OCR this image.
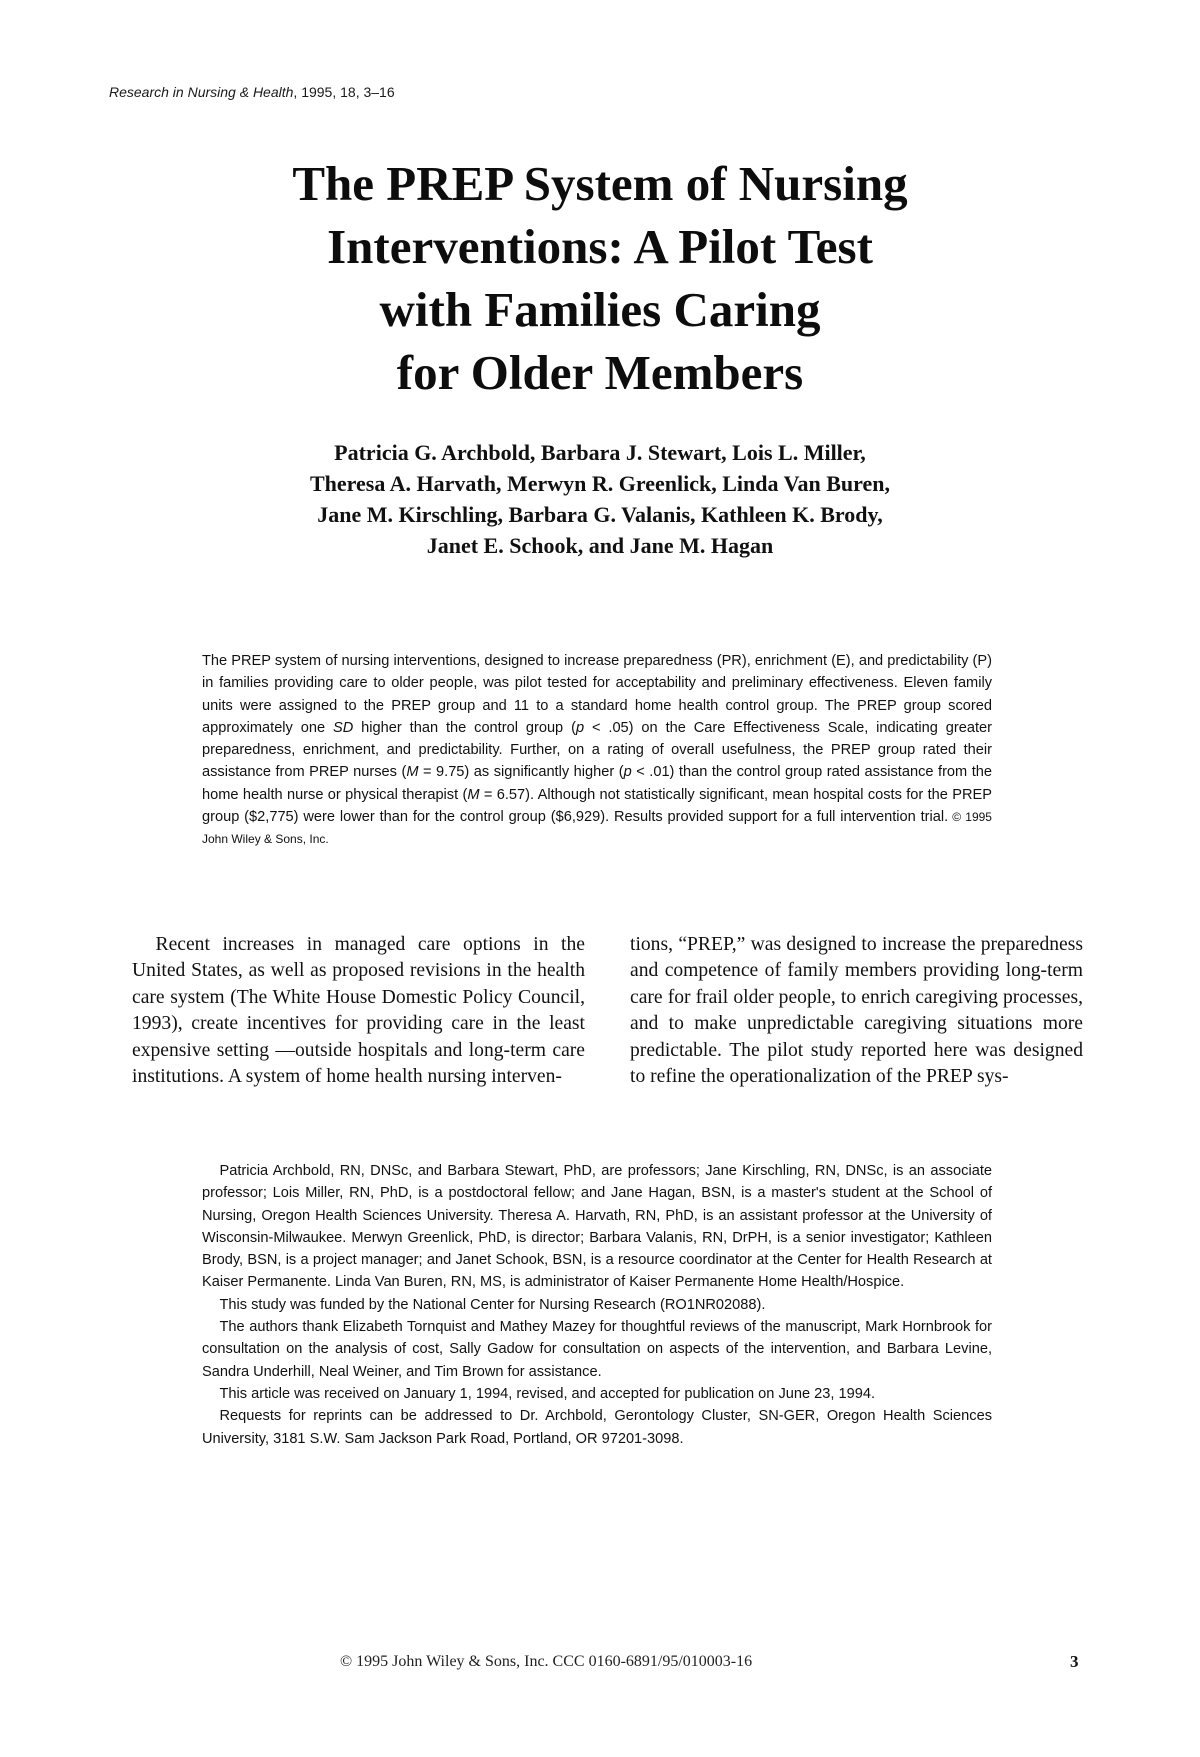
Research in Nursing & Health, 1995, 18, 3–16
The PREP System of Nursing
Interventions: A Pilot Test
with Families Caring
for Older Members
Patricia G. Archbold, Barbara J. Stewart, Lois L. Miller,
Theresa A. Harvath, Merwyn R. Greenlick, Linda Van Buren,
Jane M. Kirschling, Barbara G. Valanis, Kathleen K. Brody,
Janet E. Schook, and Jane M. Hagan
The PREP system of nursing interventions, designed to increase preparedness (PR), enrichment (E), and predictability (P) in families providing care to older people, was pilot tested for acceptability and preliminary effectiveness. Eleven family units were assigned to the PREP group and 11 to a standard home health control group. The PREP group scored approximately one SD higher than the control group (p < .05) on the Care Effectiveness Scale, indicating greater preparedness, enrichment, and predictability. Further, on a rating of overall usefulness, the PREP group rated their assistance from PREP nurses (M = 9.75) as significantly higher (p < .01) than the control group rated assistance from the home health nurse or physical therapist (M = 6.57). Although not statistically significant, mean hospital costs for the PREP group ($2,775) were lower than for the control group ($6,929). Results provided support for a full intervention trial. © 1995 John Wiley & Sons, Inc.
Recent increases in managed care options in the United States, as well as proposed revisions in the health care system (The White House Domestic Policy Council, 1993), create incentives for providing care in the least expensive setting —outside hospitals and long-term care institutions. A system of home health nursing interven-
tions, “PREP,” was designed to increase the preparedness and competence of family members providing long-term care for frail older people, to enrich caregiving processes, and to make unpredictable caregiving situations more predictable. The pilot study reported here was designed to refine the operationalization of the PREP sys-

Patricia Archbold, RN, DNSc, and Barbara Stewart, PhD, are professors; Jane Kirschling, RN, DNSc, is an associate professor; Lois Miller, RN, PhD, is a postdoctoral fellow; and Jane Hagan, BSN, is a master's student at the School of Nursing, Oregon Health Sciences University. Theresa A. Harvath, RN, PhD, is an assistant professor at the University of Wisconsin-Milwaukee. Merwyn Greenlick, PhD, is director; Barbara Valanis, RN, DrPH, is a senior investigator; Kathleen Brody, BSN, is a project manager; and Janet Schook, BSN, is a resource coordinator at the Center for Health Research at Kaiser Permanente. Linda Van Buren, RN, MS, is administrator of Kaiser Permanente Home Health/Hospice.

This study was funded by the National Center for Nursing Research (RO1NR02088).

The authors thank Elizabeth Tornquist and Mathey Mazey for thoughtful reviews of the manuscript, Mark Hornbrook for consultation on the analysis of cost, Sally Gadow for consultation on aspects of the intervention, and Barbara Levine, Sandra Underhill, Neal Weiner, and Tim Brown for assistance.

This article was received on January 1, 1994, revised, and accepted for publication on June 23, 1994.

Requests for reprints can be addressed to Dr. Archbold, Gerontology Cluster, SN-GER, Oregon Health Sciences University, 3181 S.W. Sam Jackson Park Road, Portland, OR 97201-3098.

© 1995 John Wiley & Sons, Inc. CCC 0160-6891/95/010003-16	3
